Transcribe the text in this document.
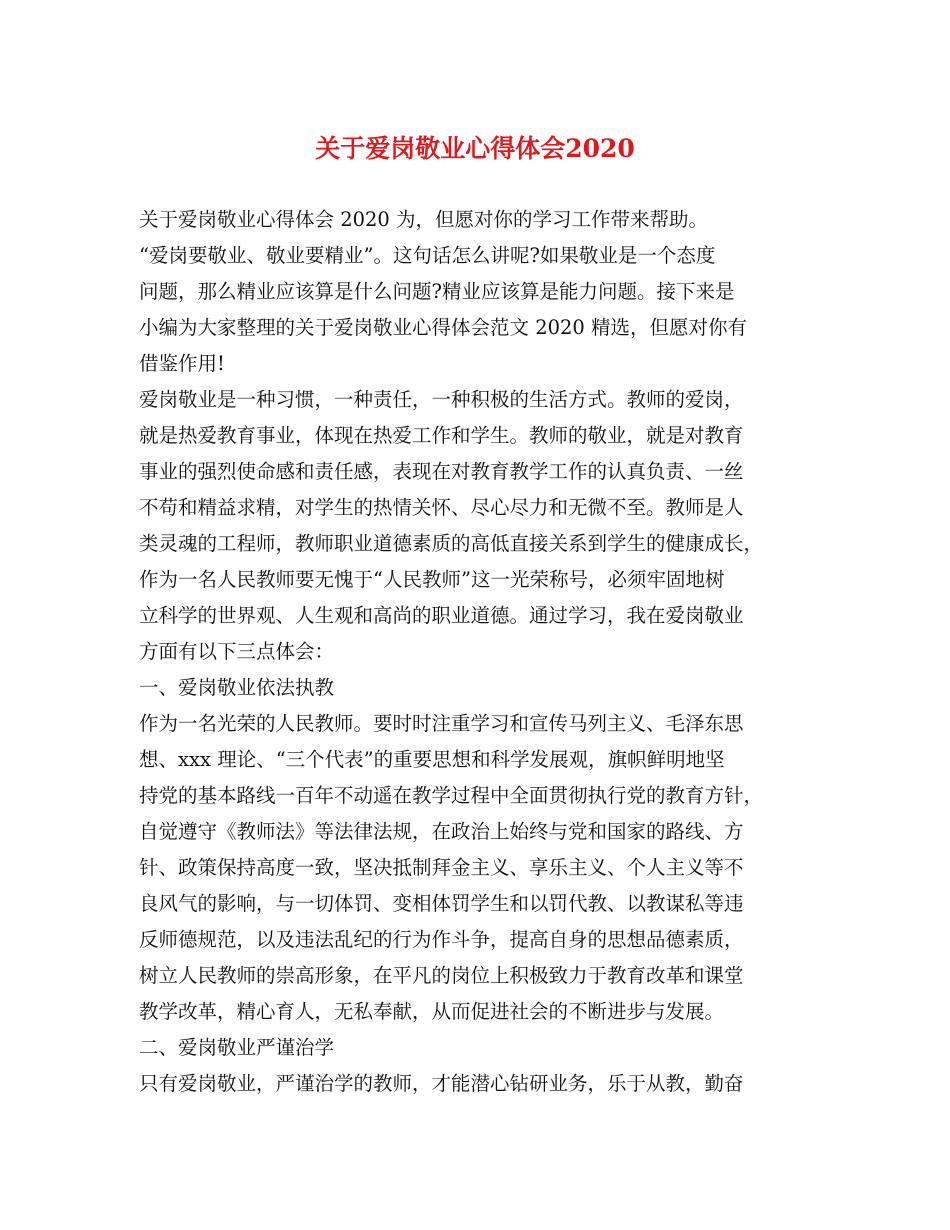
关于爱岗敬业心得体会2020
关于爱岗敬业心得体会 2020 为，但愿对你的学习工作带来帮助。
“爱岗要敬业、敬业要精业”。这句话怎么讲呢?如果敬业是一个态度
问题，那么精业应该算是什么问题?精业应该算是能力问题。接下来是
小编为大家整理的关于爱岗敬业心得体会范文 2020 精选，但愿对你有
借鉴作用!
爱岗敬业是一种习惯，一种责任，一种积极的生活方式。教师的爱岗，
就是热爱教育事业，体现在热爱工作和学生。教师的敬业，就是对教育
事业的强烈使命感和责任感，表现在对教育教学工作的认真负责、一丝
不苟和精益求精，对学生的热情关怀、尽心尽力和无微不至。教师是人
类灵魂的工程师，教师职业道德素质的高低直接关系到学生的健康成长，
作为一名人民教师要无愧于“人民教师”这一光荣称号，必须牢固地树
立科学的世界观、人生观和高尚的职业道德。通过学习，我在爱岗敬业
方面有以下三点体会：
一、爱岗敬业依法执教
作为一名光荣的人民教师。要时时注重学习和宣传马列主义、毛泽东思
想、xxx 理论、“三个代表”的重要思想和科学发展观，旗帜鲜明地坚
持党的基本路线一百年不动遥在教学过程中全面贯彻执行党的教育方针，
自觉遵守《教师法》等法律法规，在政治上始终与党和国家的路线、方
针、政策保持高度一致，坚决抵制拜金主义、享乐主义、个人主义等不
良风气的影响，与一切体罚、变相体罚学生和以罚代教、以教谋私等违
反师德规范，以及违法乱纪的行为作斗争，提高自身的思想品德素质，
树立人民教师的崇高形象，在平凡的岗位上积极致力于教育改革和课堂
教学改革，精心育人，无私奉献，从而促进社会的不断进步与发展。
二、爱岗敬业严谨治学
只有爱岗敬业，严谨治学的教师，才能潜心钻研业务，乐于从教，勤奋
